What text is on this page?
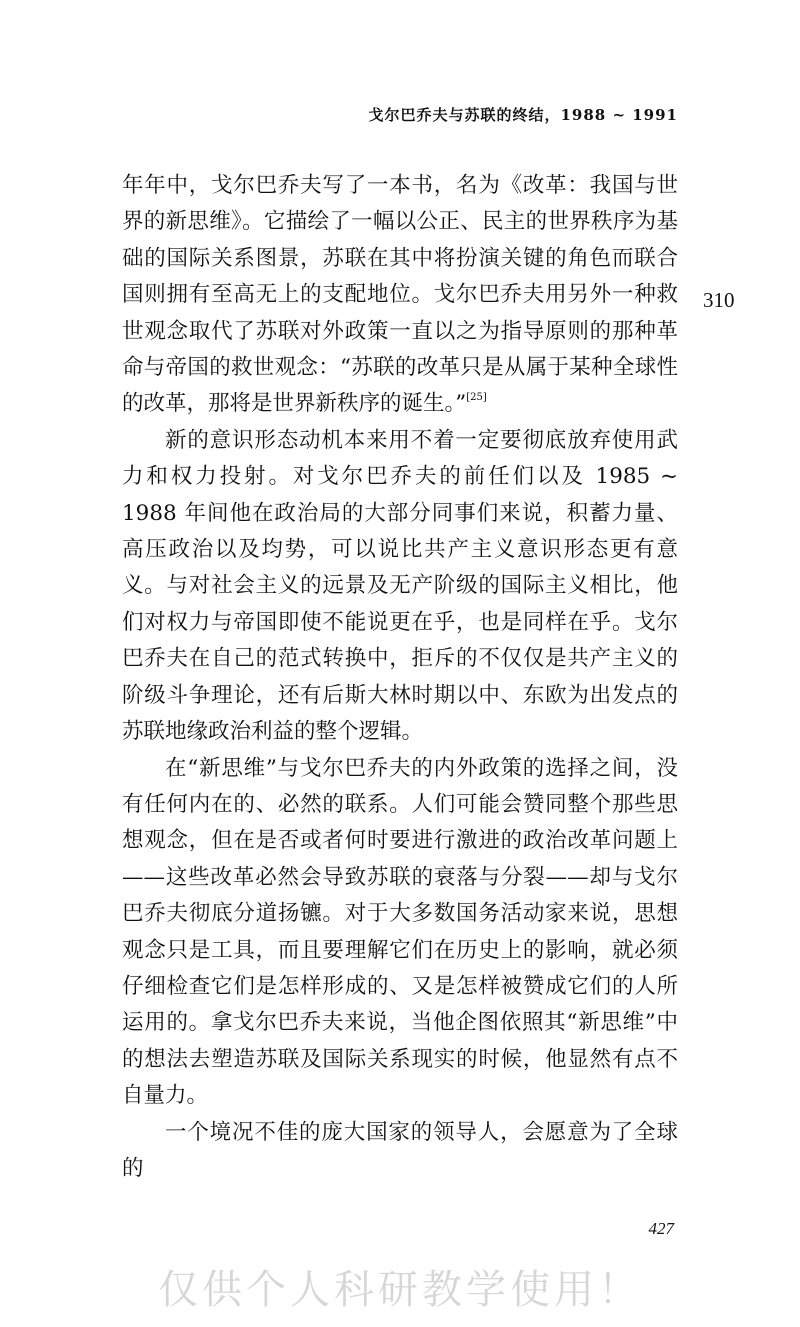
戈尔巴乔夫与苏联的终结，1988 ~ 1991
310

年年中，戈尔巴乔夫写了一本书，名为《改革：我国与世界的新思维》。它描绘了一幅以公正、民主的世界秩序为基础的国际关系图景，苏联在其中将扮演关键的角色而联合国则拥有至高无上的支配地位。戈尔巴乔夫用另外一种救世观念取代了苏联对外政策一直以之为指导原则的那种革命与帝国的救世观念：“苏联的改革只是从属于某种全球性的改革，那将是世界新秩序的诞生。”[25]

新的意识形态动机本来用不着一定要彻底放弃使用武力和权力投射。对戈尔巴乔夫的前任们以及 1985 ~ 1988 年间他在政治局的大部分同事们来说，积蓄力量、高压政治以及均势，可以说比共产主义意识形态更有意义。与对社会主义的远景及无产阶级的国际主义相比，他们对权力与帝国即使不能说更在乎，也是同样在乎。戈尔巴乔夫在自己的范式转换中，拒斥的不仅仅是共产主义的阶级斗争理论，还有后斯大林时期以中、东欧为出发点的苏联地缘政治利益的整个逻辑。

在“新思维”与戈尔巴乔夫的内外政策的选择之间，没有任何内在的、必然的联系。人们可能会赞同整个那些思想观念，但在是否或者何时要进行激进的政治改革问题上——这些改革必然会导致苏联的衰落与分裂——却与戈尔巴乔夫彻底分道扬镳。对于大多数国务活动家来说，思想观念只是工具，而且要理解它们在历史上的影响，就必须仔细检查它们是怎样形成的、又是怎样被赞成它们的人所运用的。拿戈尔巴乔夫来说，当他企图依照其“新思维”中的想法去塑造苏联及国际关系现实的时候，他显然有点不自量力。

一个境况不佳的庞大国家的领导人，会愿意为了全球的

427
仅供个人科研教学使用！
